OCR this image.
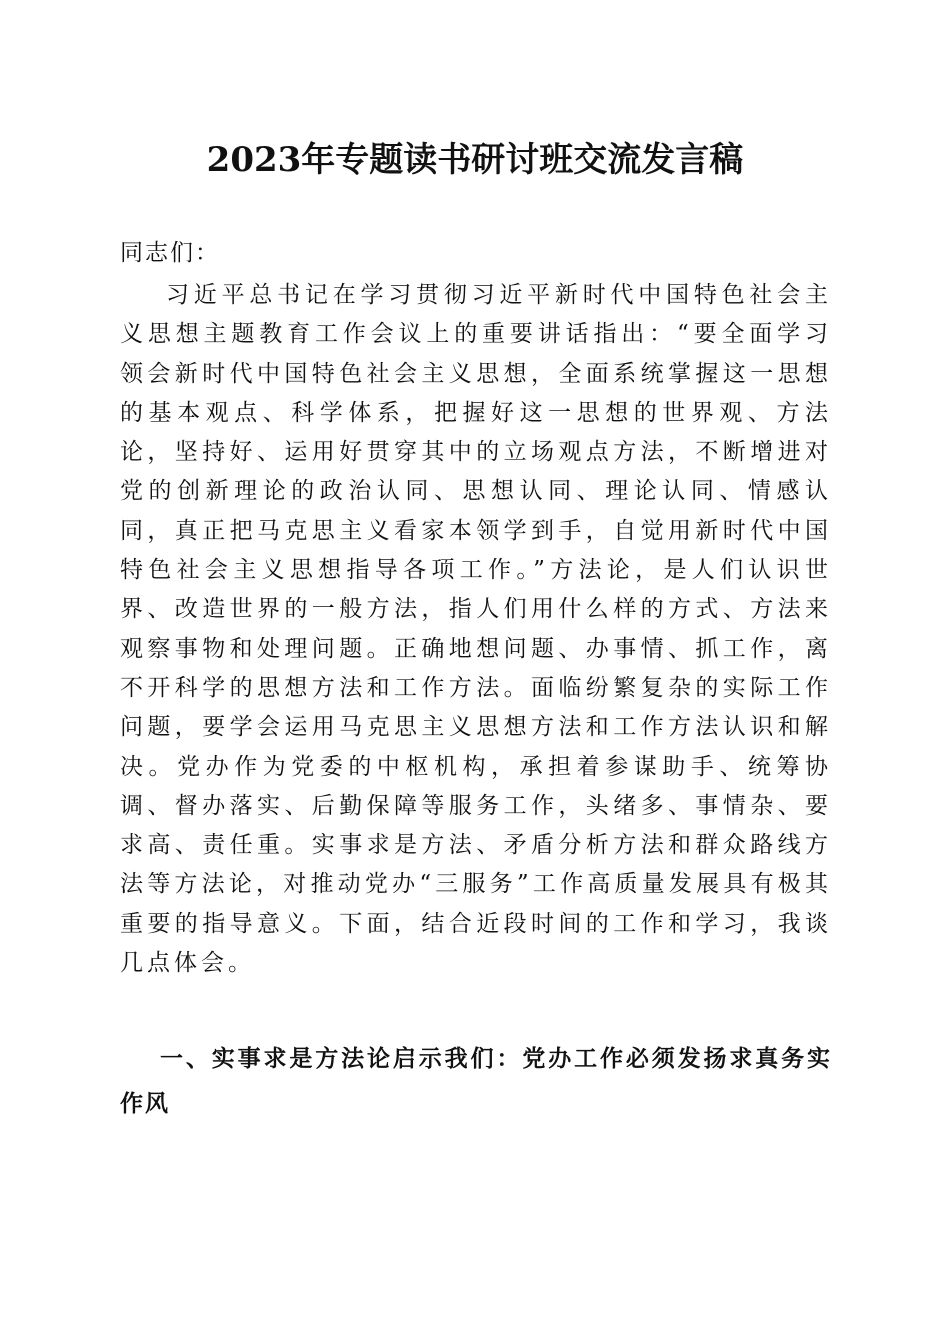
2023年专题读书研讨班交流发言稿

同志们：

习近平总书记在学习贯彻习近平新时代中国特色社会主义思想主题教育工作会议上的重要讲话指出：“要全面学习领会新时代中国特色社会主义思想，全面系统掌握这一思想的基本观点、科学体系，把握好这一思想的世界观、方法论，坚持好、运用好贯穿其中的立场观点方法，不断增进对党的创新理论的政治认同、思想认同、理论认同、情感认同，真正把马克思主义看家本领学到手，自觉用新时代中国特色社会主义思想指导各项工作。”方法论，是人们认识世界、改造世界的一般方法，指人们用什么样的方式、方法来观察事物和处理问题。正确地想问题、办事情、抓工作，离不开科学的思想方法和工作方法。面临纷繁复杂的实际工作问题，要学会运用马克思主义思想方法和工作方法认识和解决。党办作为党委的中枢机构，承担着参谋助手、统筹协调、督办落实、后勤保障等服务工作，头绪多、事情杂、要求高、责任重。实事求是方法、矛盾分析方法和群众路线方法等方法论，对推动党办“三服务”工作高质量发展具有极其重要的指导意义。下面，结合近段时间的工作和学习，我谈几点体会。

一、实事求是方法论启示我们：党办工作必须发扬求真务实作风
